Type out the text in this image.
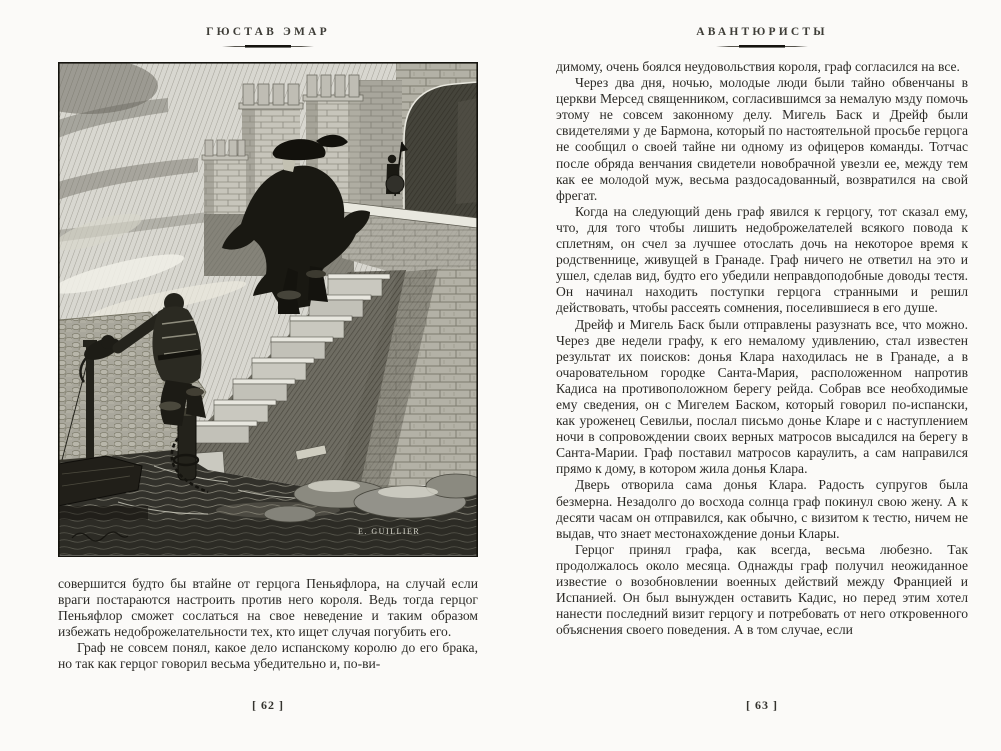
ГЮСТАВ ЭМАР
E. GUILLIER

совершится будто бы втайне от герцога Пеньяфлора, на случай если враги постараются настроить против него короля. Ведь тогда герцог Пеньяфлор сможет сослаться на свое неведение и таким образом избежать недоброжелательности тех, кто ищет случая погубить его.

Граф не совсем понял, какое дело испанскому королю до его брака, но так как герцог говорил весьма убедительно и, по-ви-

[ 62 ]
АВАНТЮРИСТЫ

димому, очень боялся неудовольствия короля, граф согласился на все.

Через два дня, ночью, молодые люди были тайно обвенчаны в церкви Мерсед священником, согласившимся за немалую мзду помочь этому не совсем законному делу. Мигель Баск и Дрейф были свидетелями у де Бармона, который по настоятельной просьбе герцога не сообщил о своей тайне ни одному из офицеров команды. Тотчас после обряда венчания свидетели новобрачной увезли ее, между тем как ее молодой муж, весьма раздосадованный, возвратился на свой фрегат.

Когда на следующий день граф явился к герцогу, тот сказал ему, что, для того чтобы лишить недоброжелателей всякого повода к сплетням, он счел за лучшее отослать дочь на некоторое время к родственнице, живущей в Гранаде. Граф ничего не ответил на это и ушел, сделав вид, будто его убедили неправдоподобные доводы тестя. Он начинал находить поступки герцога странными и решил действовать, чтобы рассеять сомнения, поселившиеся в его душе.

Дрейф и Мигель Баск были отправлены разузнать все, что можно. Через две недели графу, к его немалому удивлению, стал известен результат их поисков: донья Клара находилась не в Гранаде, а в очаровательном городке Санта-Мария, расположенном напротив Кадиса на противоположном берегу рейда. Собрав все необходимые ему сведения, он с Мигелем Баском, который говорил по-испански, как уроженец Севильи, послал письмо донье Кларе и с наступлением ночи в сопровождении своих верных матросов высадился на берегу в Санта-Марии. Граф поставил матросов караулить, а сам направился прямо к дому, в котором жила донья Клара.

Дверь отворила сама донья Клара. Радость супругов была безмерна. Незадолго до восхода солнца граф покинул свою жену. А к десяти часам он отправился, как обычно, с визитом к тестю, ничем не выдав, что знает местонахождение доньи Клары.

Герцог принял графа, как всегда, весьма любезно. Так продолжалось около месяца. Однажды граф получил неожиданное известие о возобновлении военных действий между Францией и Испанией. Он был вынужден оставить Кадис, но перед этим хотел нанести последний визит герцогу и потребовать от него откровенного объяснения своего поведения. А в том случае, если

[ 63 ]
